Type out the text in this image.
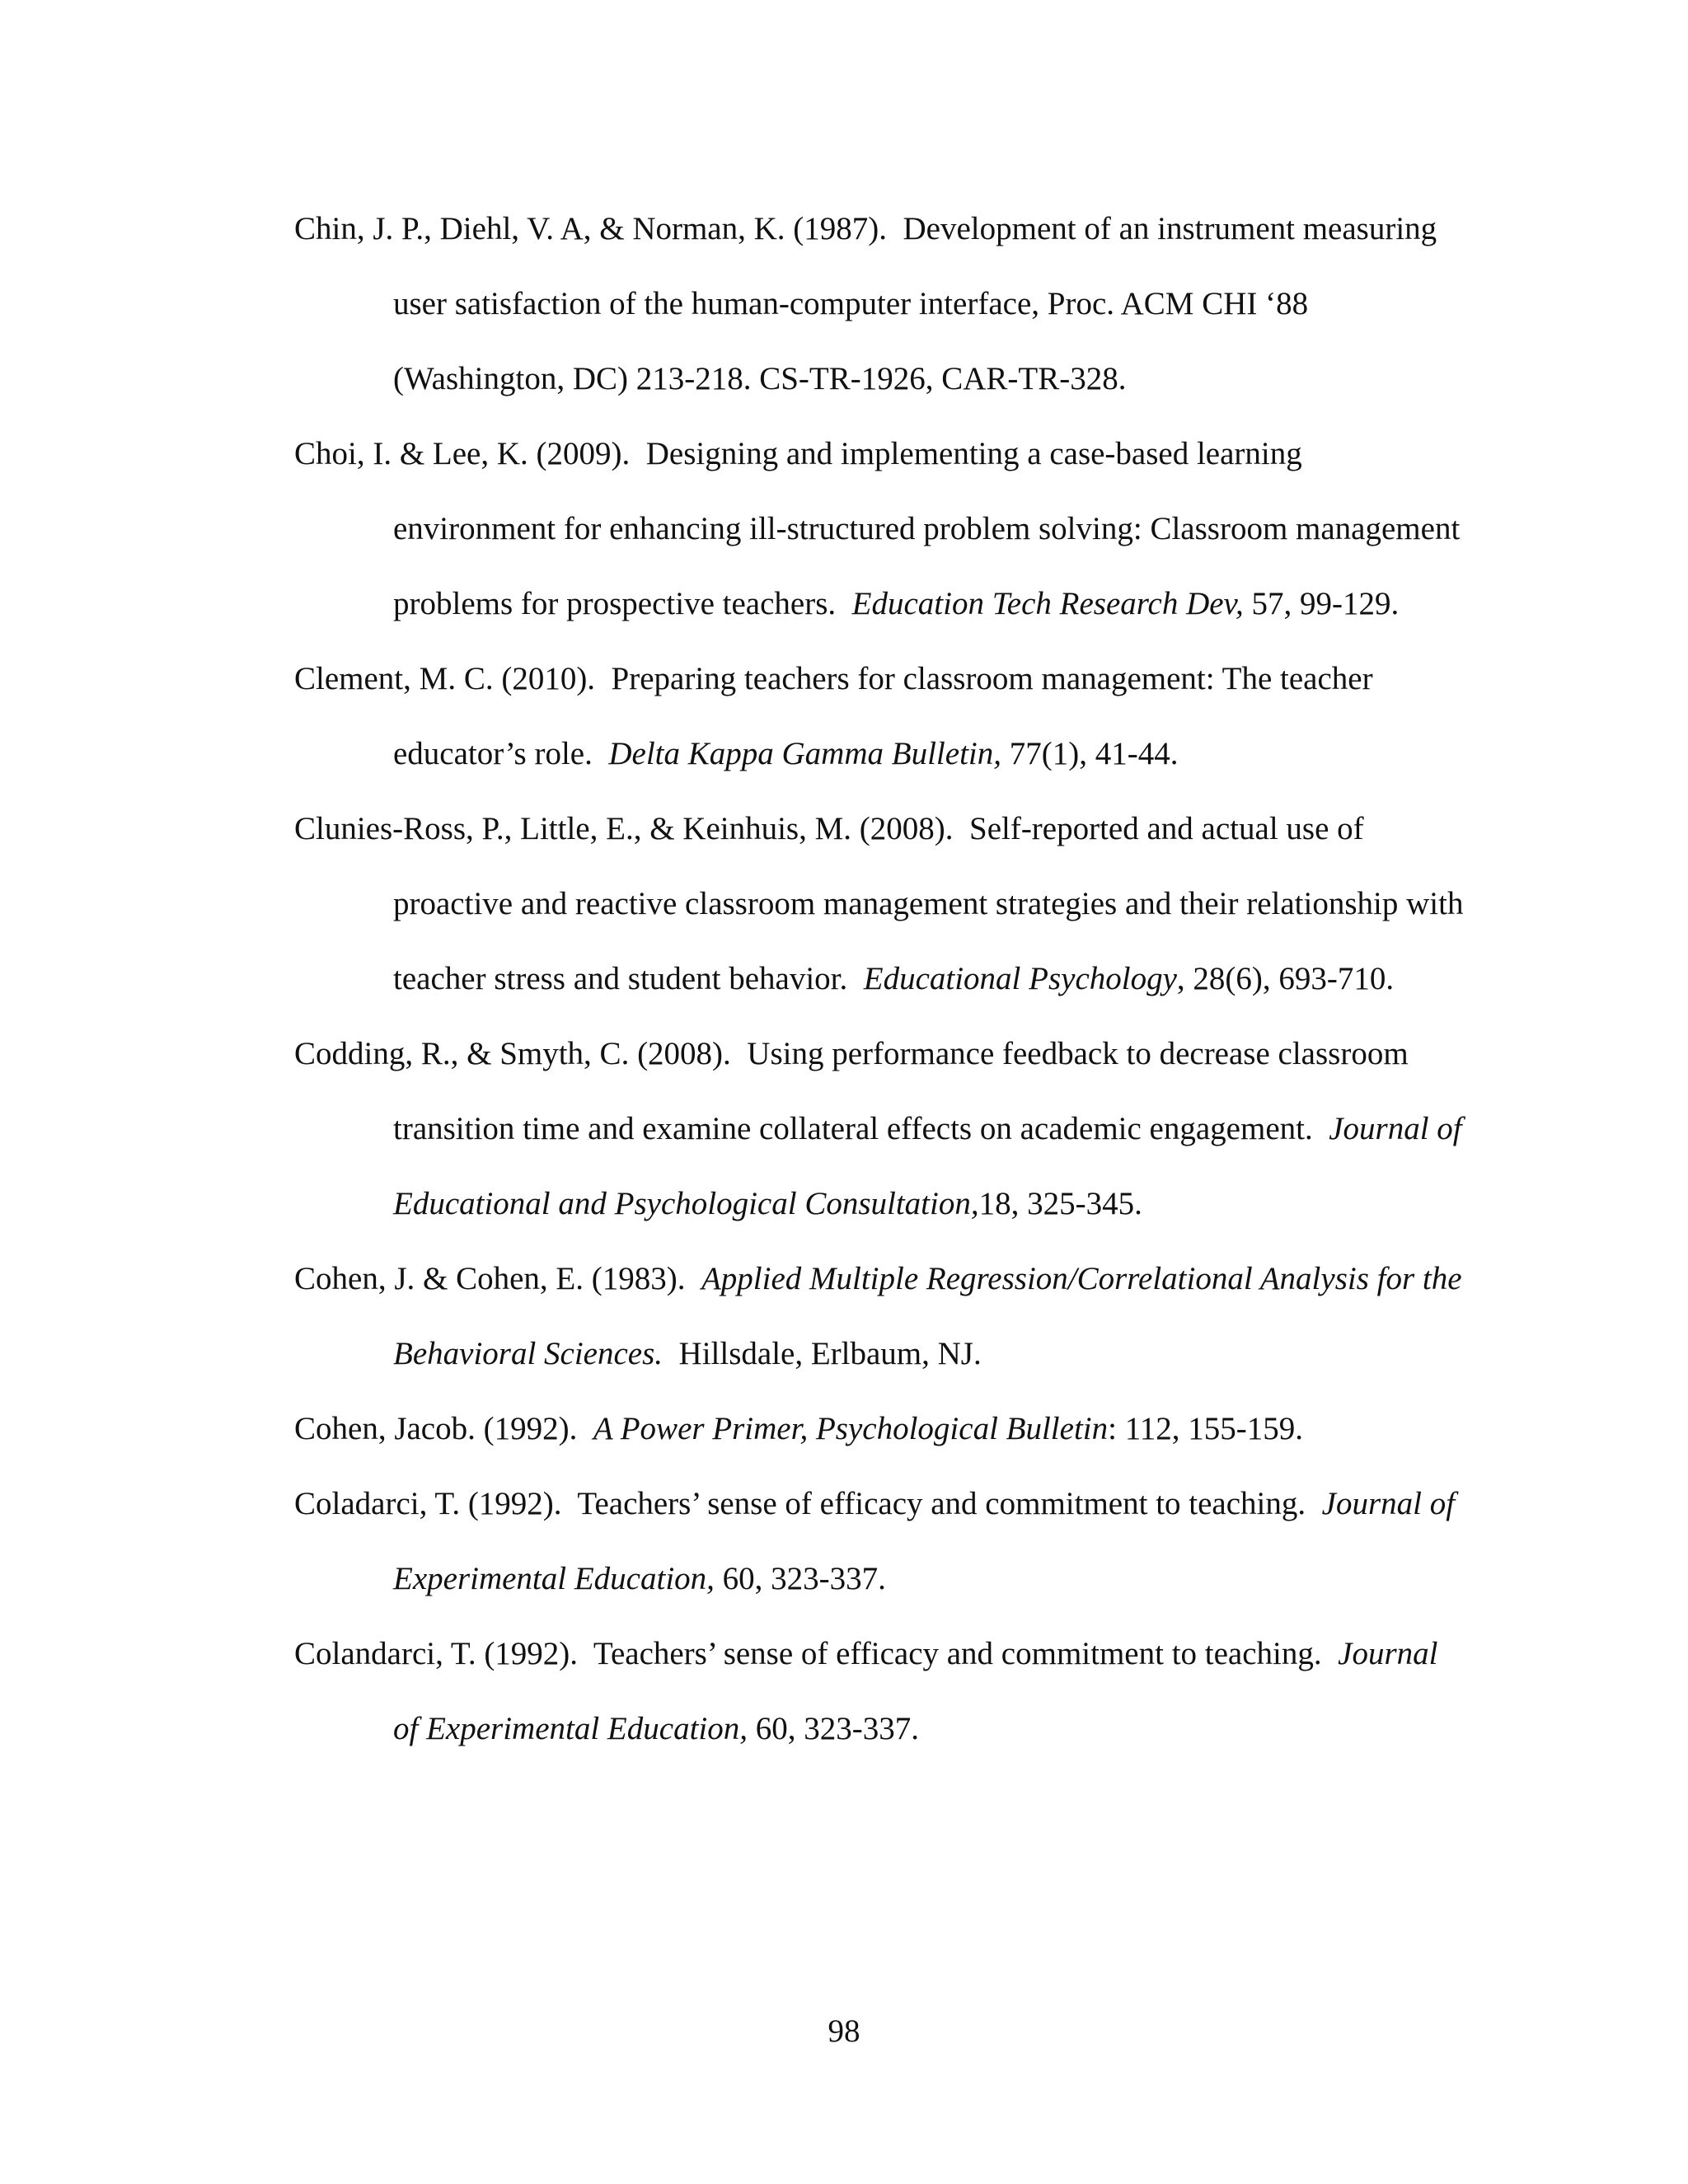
Chin, J. P., Diehl, V. A, & Norman, K. (1987).  Development of an instrument measuring user satisfaction of the human-computer interface, Proc. ACM CHI ‘88 (Washington, DC) 213-218. CS-TR-1926, CAR-TR-328.

Choi, I. & Lee, K. (2009).  Designing and implementing a case-based learning environment for enhancing ill-structured problem solving: Classroom management problems for prospective teachers.  Education Tech Research Dev, 57, 99-129.

Clement, M. C. (2010).  Preparing teachers for classroom management: The teacher educator’s role.  Delta Kappa Gamma Bulletin, 77(1), 41-44.

Clunies-Ross, P., Little, E., & Keinhuis, M. (2008).  Self-reported and actual use of proactive and reactive classroom management strategies and their relationship with teacher stress and student behavior.  Educational Psychology, 28(6), 693-710.

Codding, R., & Smyth, C. (2008).  Using performance feedback to decrease classroom transition time and examine collateral effects on academic engagement.  Journal of Educational and Psychological Consultation,18, 325-345.

Cohen, J. & Cohen, E. (1983).  Applied Multiple Regression/Correlational Analysis for the Behavioral Sciences.  Hillsdale, Erlbaum, NJ.

Cohen, Jacob. (1992).  A Power Primer, Psychological Bulletin: 112, 155-159.

Coladarci, T. (1992).  Teachers’ sense of efficacy and commitment to teaching.  Journal of Experimental Education, 60, 323-337.

Colandarci, T. (1992).  Teachers’ sense of efficacy and commitment to teaching.  Journal of Experimental Education, 60, 323-337.

98
